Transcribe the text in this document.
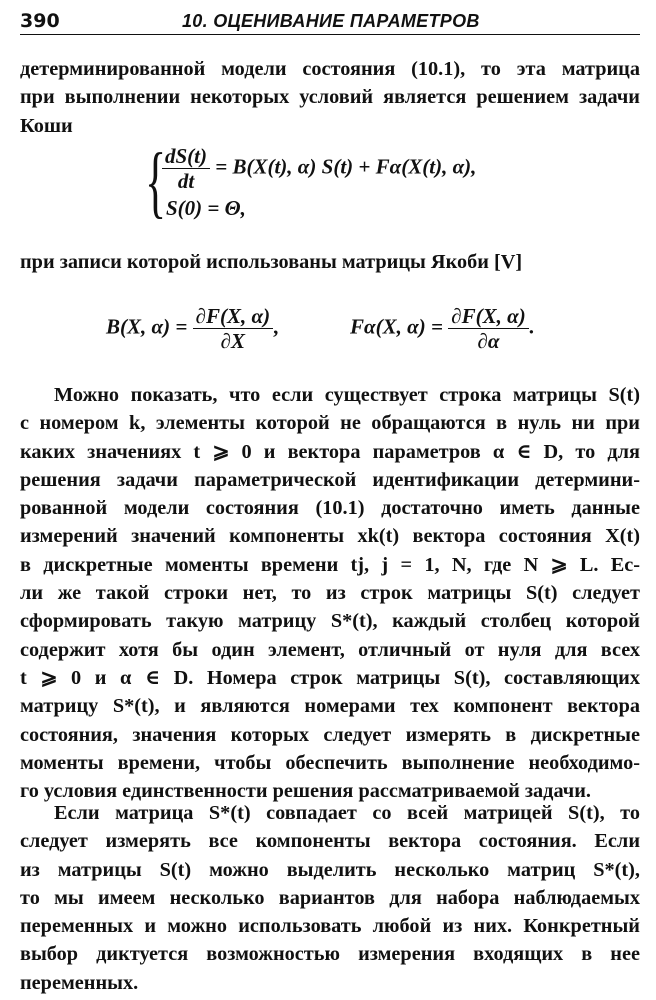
390	10. ОЦЕНИВАНИЕ ПАРАМЕТРОВ
детерминированной модели состояния (10.1), то эта матрица
при выполнении некоторых условий является решением задачи
Коши
{
$\frac{dS(t)}{dt} = B(X(t)$, α) S(t) + Fα(X(t), α),
S(0) = Θ,
при записи которой использованы матрицы Якоби [V]
B(X, $\alpha) = \frac{\partial F(X, \alpha)}{\partial X}$ ,	Fα(X, $\alpha) = \frac{\partial F(X, \alpha)}{\partial\alpha}$ .
Можно показать, что если существует строка матрицы S(t)
с номером k, элементы которой не обращаются в нуль ни при
каких значениях t ⩾ 0 и вектора параметров α ∈ D, то для
решения задачи параметрической идентификации детермини-
рованной модели состояния (10.1) достаточно иметь данные
измерений значений компоненты xk(t) вектора состояния X(t)
в дискретные моменты времени tj, j = 1, N, где N ⩾ L. Ес-
ли же такой строки нет, то из строк матрицы S(t) следует
сформировать такую матрицу S*(t), каждый столбец которой
содержит хотя бы один элемент, отличный от нуля для всех
t ⩾ 0 и α ∈ D. Номера строк матрицы S(t), составляющих
матрицу S*(t), и являются номерами тех компонент вектора
состояния, значения которых следует измерять в дискретные
моменты времени, чтобы обеспечить выполнение необходимо-
го условия единственности решения рассматриваемой задачи.
Если матрица S*(t) совпадает со всей матрицей S(t), то
следует измерять все компоненты вектора состояния. Если
из матрицы S(t) можно выделить несколько матриц S*(t),
то мы имеем несколько вариантов для набора наблюдаемых
переменных и можно использовать любой из них. Конкретный
выбор диктуется возможностью измерения входящих в нее
переменных.
